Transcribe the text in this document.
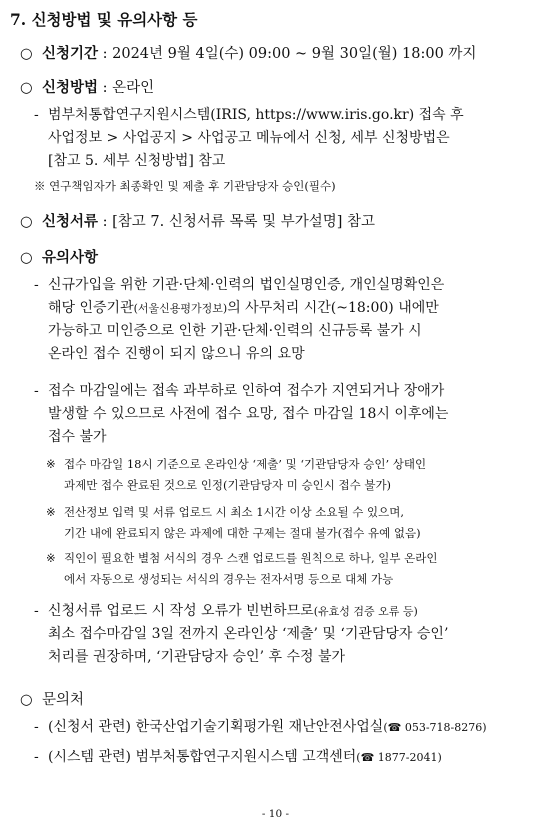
7. 신청방법 및 유의사항 등
○ 신청기간 : 2024년 9월 4일(수) 09:00 ~ 9월 30일(월) 18:00 까지
○ 신청방법 : 온라인
- 범부처통합연구지원시스템(IRIS, https://www.iris.go.kr) 접속 후
사업정보 > 사업공지 > 사업공고 메뉴에서 신청, 세부 신청방법은
[참고 5. 세부 신청방법] 참고
※ 연구책임자가 최종확인 및 제출 후 기관담당자 승인(필수)
○ 신청서류 : [참고 7. 신청서류 목록 및 부가설명] 참고
○ 유의사항
- 신규가입을 위한 기관·단체·인력의 법인실명인증, 개인실명확인은
해당 인증기관(서울신용평가정보)의 사무처리 시간(~18:00) 내에만
가능하고 미인증으로 인한 기관·단체·인력의 신규등록 불가 시
온라인 접수 진행이 되지 않으니 유의 요망
- 접수 마감일에는 접속 과부하로 인하여 접수가 지연되거나 장애가
발생할 수 있으므로 사전에 접수 요망, 접수 마감일 18시 이후에는
접수 불가
※ 접수 마감일 18시 기준으로 온라인상 ‘제출’ 및 ‘기관담당자 승인’ 상태인
과제만 접수 완료된 것으로 인정(기관담당자 미 승인시 접수 불가)
※ 전산정보 입력 및 서류 업로드 시 최소 1시간 이상 소요될 수 있으며,
기간 내에 완료되지 않은 과제에 대한 구제는 절대 불가(접수 유예 없음)
※ 직인이 필요한 별첨 서식의 경우 스캔 업로드를 원칙으로 하나, 일부 온라인
에서 자동으로 생성되는 서식의 경우는 전자서명 등으로 대체 가능
- 신청서류 업로드 시 작성 오류가 빈번하므로(유효성 검증 오류 등)
최소 접수마감일 3일 전까지 온라인상 ‘제출’ 및 ‘기관담당자 승인’
처리를 권장하며, ‘기관담당자 승인’ 후 수정 불가
○ 문의처
- (신청서 관련) 한국산업기술기획평가원 재난안전사업실(☎ 053-718-8276)
- (시스템 관련) 범부처통합연구지원시스템 고객센터(☎ 1877-2041)
- 10 -
